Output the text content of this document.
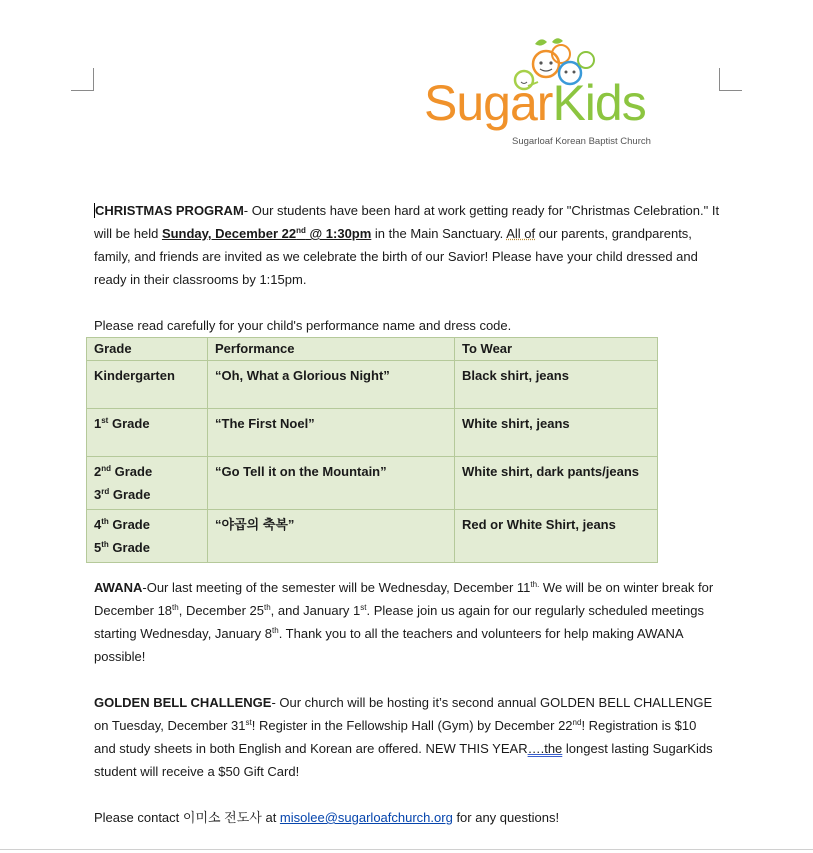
SugarKids
Sugarloaf Korean Baptist Church

CHRISTMAS PROGRAM- Our students have been hard at work getting ready for "Christmas Celebration." It will be held Sunday, December 22nd @ 1:30pm in the Main Sanctuary. All of our parents, grandparents, family, and friends are invited as we celebrate the birth of our Savior! Please have your child dressed and ready in their classrooms by 1:15pm.

Please read carefully for your child's performance name and dress code.

Grade	Performance	To Wear

Kindergarten	“Oh, What a Glorious Night”	Black shirt, jeans

1st Grade	“The First Noel”	White shirt, jeans

2nd Grade
3rd Grade	“Go Tell it on the Mountain”	White shirt, dark pants/jeans

4th Grade
5th Grade	“야곱의 축복”	Red or White Shirt, jeans

AWANA-Our last meeting of the semester will be Wednesday, December $11^{th.}$ We will be on winter break for December 18th, December 25th, and January 1st. Please join us again for our regularly scheduled meetings starting Wednesday, January 8th. Thank you to all the teachers and volunteers for help making AWANA possible!

GOLDEN BELL CHALLENGE- Our church will be hosting it’s second annual GOLDEN BELL CHALLENGE on Tuesday, December 31st! Register in the Fellowship Hall (Gym) by December 22nd! Registration is $10 and study sheets in both English and Korean are offered. NEW THIS YEAR….the longest lasting SugarKids student will receive a $50 Gift Card!

Please contact 이미소 전도사 at misolee@sugarloafchurch.org for any questions!
